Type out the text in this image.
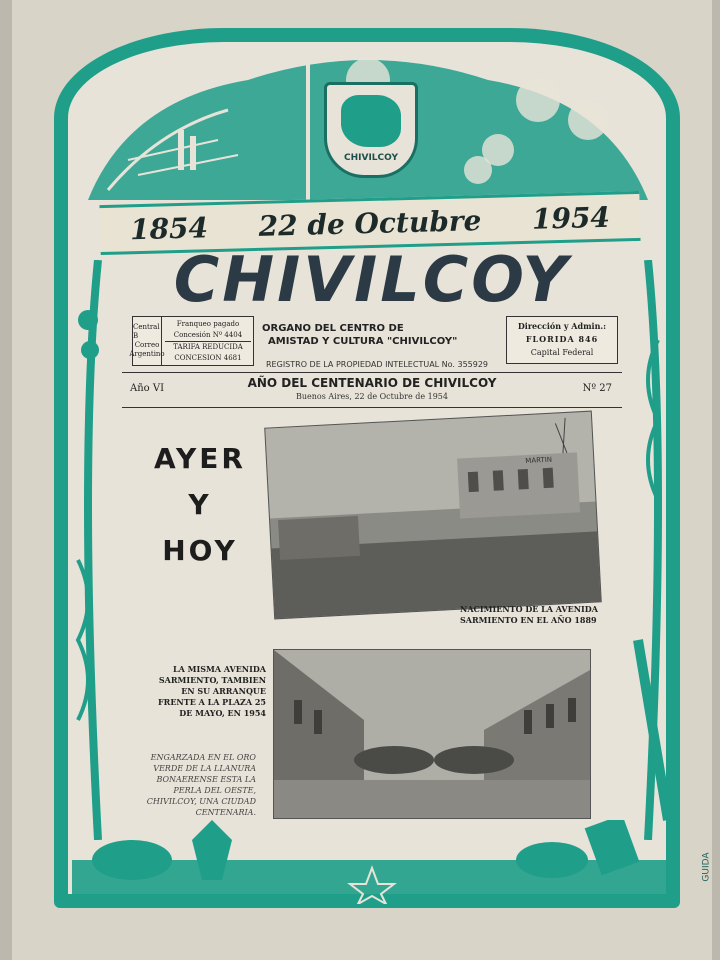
CHIVILCOY
1854 22 de Octubre 1954
CHIVILCOY
Central B
Correo
Argentino
Franqueo pagado
Concesión Nº 4404
TARIFA REDUCIDA
CONCESION 4681
ORGANO DEL CENTRO DE
AMISTAD Y CULTURA "CHIVILCOY"
Dirección y Admin.:
FLORIDA 846
Capital Federal
REGISTRO DE LA PROPIEDAD INTELECTUAL No. 355929
Año VI	AÑO DEL CENTENARIO DE CHIVILCOY
Buenos Aires, 22 de Octubre de 1954
Nº 27
AYER
Y
HOY
MARTIN
NACIMIENTO DE LA AVENIDA SARMIENTO EN EL AÑO 1889
LA MISMA AVENIDA SARMIENTO, TAMBIEN EN SU ARRANQUE FRENTE A LA PLAZA 25 DE MAYO, EN 1954
ENGARZADA EN EL ORO VERDE DE LA LLANURA BONAERENSE ESTA LA PERLA DEL OESTE, CHIVILCOY, UNA CIUDAD CENTENARIA.
GUIDA
